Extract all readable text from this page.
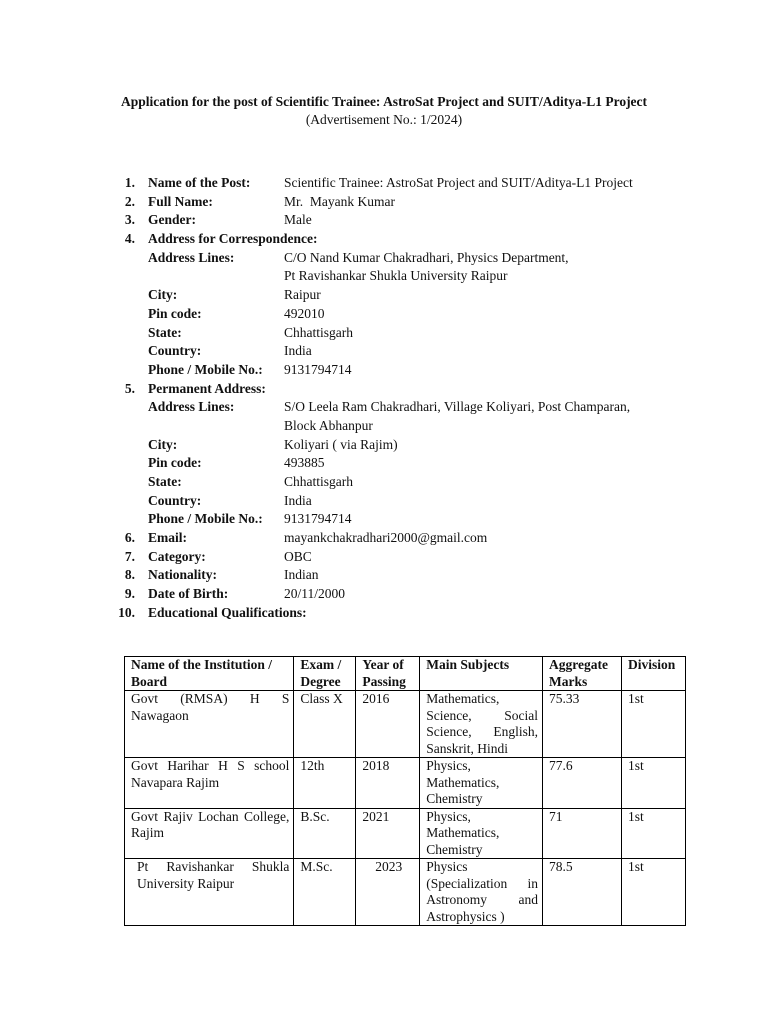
Application for the post of Scientific Trainee: AstroSat Project and SUIT/Aditya-L1 Project
(Advertisement No.: 1/2024)
1. Name of the Post:	Scientific Trainee: AstroSat Project and SUIT/Aditya-L1 Project
2. Full Name:	Mr.  Mayank Kumar
3. Gender:	Male
4. Address for Correspondence:
Address Lines:	C/O Nand Kumar Chakradhari, Physics Department,
Pt Ravishankar Shukla University Raipur
City:	Raipur
Pin code:	492010
State:	Chhattisgarh
Country:	India
Phone / Mobile No.:	9131794714
5. Permanent Address:
Address Lines:	S/O Leela Ram Chakradhari, Village Koliyari, Post Champaran,
Block Abhanpur
City:	Koliyari ( via Rajim)
Pin code:	493885
State:	Chhattisgarh
Country:	India
Phone / Mobile No.:	9131794714
6. Email:	mayankchakradhari2000@gmail.com
7. Category:	OBC
8. Nationality:	Indian
9. Date of Birth:	20/11/2000
10. Educational Qualifications:
Name of the Institution / Board	Exam / Degree	Year of Passing	Main Subjects	Aggregate Marks	Division
Govt (RMSA) H S Nawagaon	Class X	2016	Mathematics, Science, Social Science, English, Sanskrit, Hindi	75.33	1st
Govt Harihar H S school Navapara Rajim	12th	2018	Physics, Mathematics, Chemistry	77.6	1st
Govt Rajiv Lochan College, Rajim	B.Sc.	2021	Physics, Mathematics, Chemistry	71	1st
Pt Ravishankar Shukla University Raipur	M.Sc.	2023	Physics (Specialization in Astronomy and Astrophysics )	78.5	1st
